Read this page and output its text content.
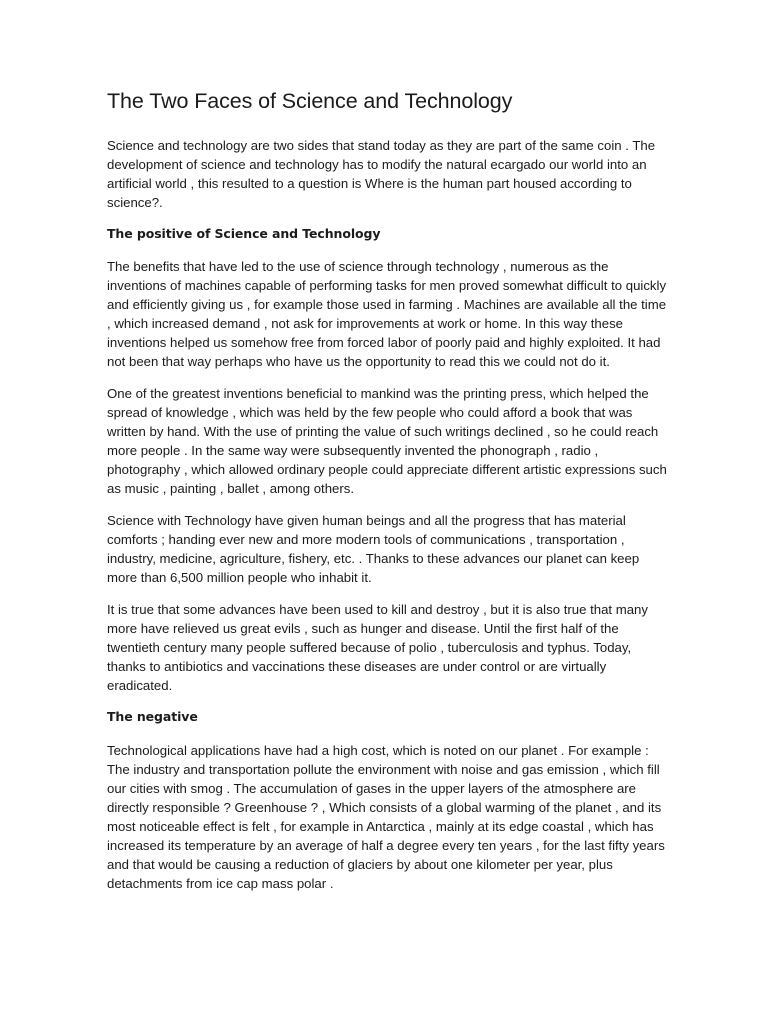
The Two Faces of Science and Technology

Science and technology are two sides that stand today as they are part of the same coin . The development of science and technology has to modify the natural ecargado our world into an artificial world , this resulted to a question is Where is the human part housed according to science?.

The positive of Science and Technology

The benefits that have led to the use of science through technology , numerous as the inventions of machines capable of performing tasks for men proved somewhat difficult to quickly and efficiently giving us , for example those used in farming . Machines are available all the time , which increased demand , not ask for improvements at work or home. In this way these inventions helped us somehow free from forced labor of poorly paid and highly exploited. It had not been that way perhaps who have us the opportunity to read this we could not do it.

One of the greatest inventions beneficial to mankind was the printing press, which helped the spread of knowledge , which was held by the few people who could afford a book that was written by hand. With the use of printing the value of such writings declined , so he could reach more people . In the same way were subsequently invented the phonograph , radio , photography , which allowed ordinary people could appreciate different artistic expressions such as music , painting , ballet , among others.

Science with Technology have given human beings and all the progress that has material comforts ; handing ever new and more modern tools of communications , transportation , industry, medicine, agriculture, fishery, etc. . Thanks to these advances our planet can keep more than 6,500 million people who inhabit it.

It is true that some advances have been used to kill and destroy , but it is also true that many more have relieved us great evils , such as hunger and disease. Until the first half of the twentieth century many people suffered because of polio , tuberculosis and typhus. Today, thanks to antibiotics and vaccinations these diseases are under control or are virtually eradicated.

The negative

Technological applications have had a high cost, which is noted on our planet . For example : The industry and transportation pollute the environment with noise and gas emission , which fill our cities with smog . The accumulation of gases in the upper layers of the atmosphere are directly responsible ? Greenhouse ? , Which consists of a global warming of the planet , and its most noticeable effect is felt , for example in Antarctica , mainly at its edge coastal , which has increased its temperature by an average of half a degree every ten years , for the last fifty years and that would be causing a reduction of glaciers by about one kilometer per year, plus detachments from ice cap mass polar .
